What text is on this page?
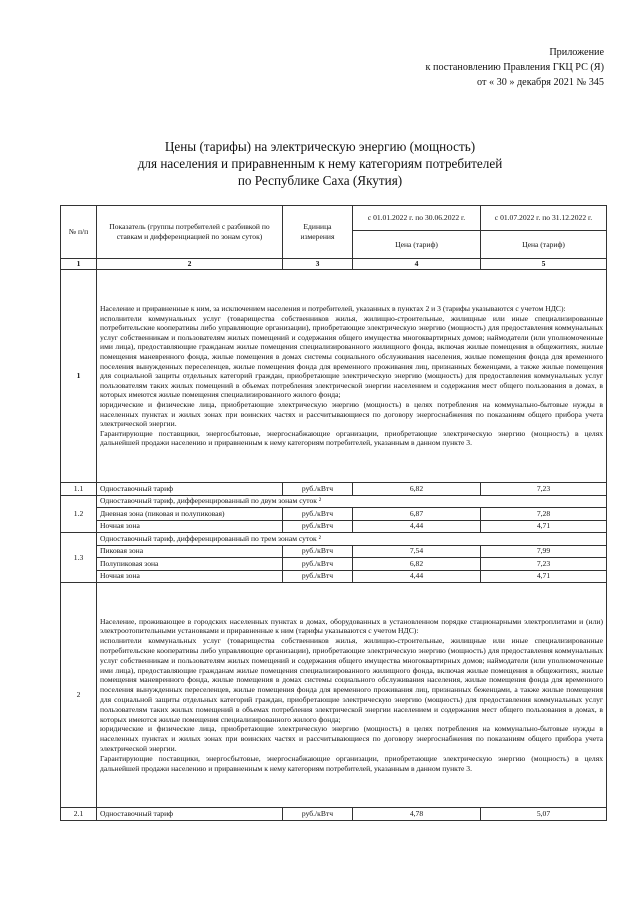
Приложение
к постановлению Правления ГКЦ РС (Я)
от « 30 » декабря 2021 № 345
Цены (тарифы) на электрическую энергию (мощность)
для населения и приравненным к нему категориям потребителей
по Республике Саха (Якутия)
№ п/п	Показатель (группы потребителей с разбивкой по ставкам и дифференциацией по зонам суток)	Единица измерения	с 01.01.2022 г. по 30.06.2022 г.	с 01.07.2022 г. по 31.12.2022 г.
			Цена (тариф)	Цена (тариф)
1	2	3	4	5
1	Население и приравненные к ним, за исключением населения и потребителей, указанных в пунктах 2 и 3 (тарифы указываются с учетом НДС):
исполнители коммунальных услуг (товарищества собственников жилья, жилищно-строительные, жилищные или иные специализированные потребительские кооперативы либо управляющие организации), приобретающие электрическую энергию (мощность) для предоставления коммунальных услуг собственникам и пользователям жилых помещений и содержания общего имущества многоквартирных домов; наймодатели (или уполномоченные ими лица), предоставляющие гражданам жилые помещения специализированного жилищного фонда, включая жилые помещения в общежитиях, жилые помещения маневренного фонда, жилые помещения в домах системы социального обслуживания населения, жилые помещения фонда для временного поселения вынужденных переселенцев, жилые помещения фонда для временного проживания лиц, признанных беженцами, а также жилые помещения для социальной защиты отдельных категорий граждан, приобретающие электрическую энергию (мощность) для предоставления коммунальных услуг пользователям таких жилых помещений в объемах потребления электрической энергии населением и содержания мест общего пользования в домах, в которых имеются жилые помещения специализированного жилого фонда;
юридические и физические лица, приобретающие электрическую энергию (мощность) в целях потребления на коммунально-бытовые нужды в населенных пунктах и жилых зонах при воинских частях и рассчитывающиеся по договору энергоснабжения по показаниям общего прибора учета электрической энергии.
Гарантирующие поставщики, энергосбытовые, энергоснабжающие организации, приобретающие электрическую энергию (мощность) в целях дальнейшей продажи населению и приравненным к нему категориям потребителей, указанным в данном пункте 3.			
1.1	Одноставочный тариф	руб./кВтч	6,82	7,23
1.2	Одноставочный тариф, дифференцированный по двум зонам суток ²			
	Дневная зона (пиковая и полупиковая)	руб./кВтч	6,87	7,28
	Ночная зона	руб./кВтч	4,44	4,71
1.3	Одноставочный тариф, дифференцированный по трем зонам суток ²			
	Пиковая зона	руб./кВтч	7,54	7,99
	Полупиковая зона	руб./кВтч	6,82	7,23
	Ночная зона	руб./кВтч	4,44	4,71
2	Население, проживающее в городских населенных пунктах в домах, оборудованных в установленном порядке стационарными электроплитами и (или) электроотопительными установками и приравненные к ним (тарифы указываются с учетом НДС):
исполнители коммунальных услуг (товарищества собственников жилья, жилищно-строительные, жилищные или иные специализированные потребительские кооперативы либо управляющие организации), приобретающие электрическую энергию (мощность) для предоставления коммунальных услуг собственникам и пользователям жилых помещений и содержания общего имущества многоквартирных домов; наймодатели (или уполномоченные ими лица), предоставляющие гражданам жилые помещения специализированного жилищного фонда, включая жилые помещения в общежитиях, жилые помещения маневренного фонда, жилые помещения в домах системы социального обслуживания населения, жилые помещения фонда для временного поселения вынужденных переселенцев, жилые помещения фонда для временного проживания лиц, признанных беженцами, а также жилые помещения для социальной защиты отдельных категорий граждан, приобретающие электрическую энергию (мощность) для предоставления коммунальных услуг пользователям таких жилых помещений в объемах потребления электрической энергии населением и содержания мест общего пользования в домах, в которых имеются жилые помещения специализированного жилого фонда;
юридические и физические лица, приобретающие электрическую энергию (мощность) в целях потребления на коммунально-бытовые нужды в населенных пунктах и жилых зонах при воинских частях и рассчитывающиеся по договору энергоснабжения по показаниям общего прибора учета электрической энергии.
Гарантирующие поставщики, энергосбытовые, энергоснабжающие организации, приобретающие электрическую энергию (мощность) в целях дальнейшей продажи населению и приравненным к нему категориям потребителей, указанным в данном пункте 3.			
2.1	Одноставочный тариф	руб./кВтч	4,78	5,07
